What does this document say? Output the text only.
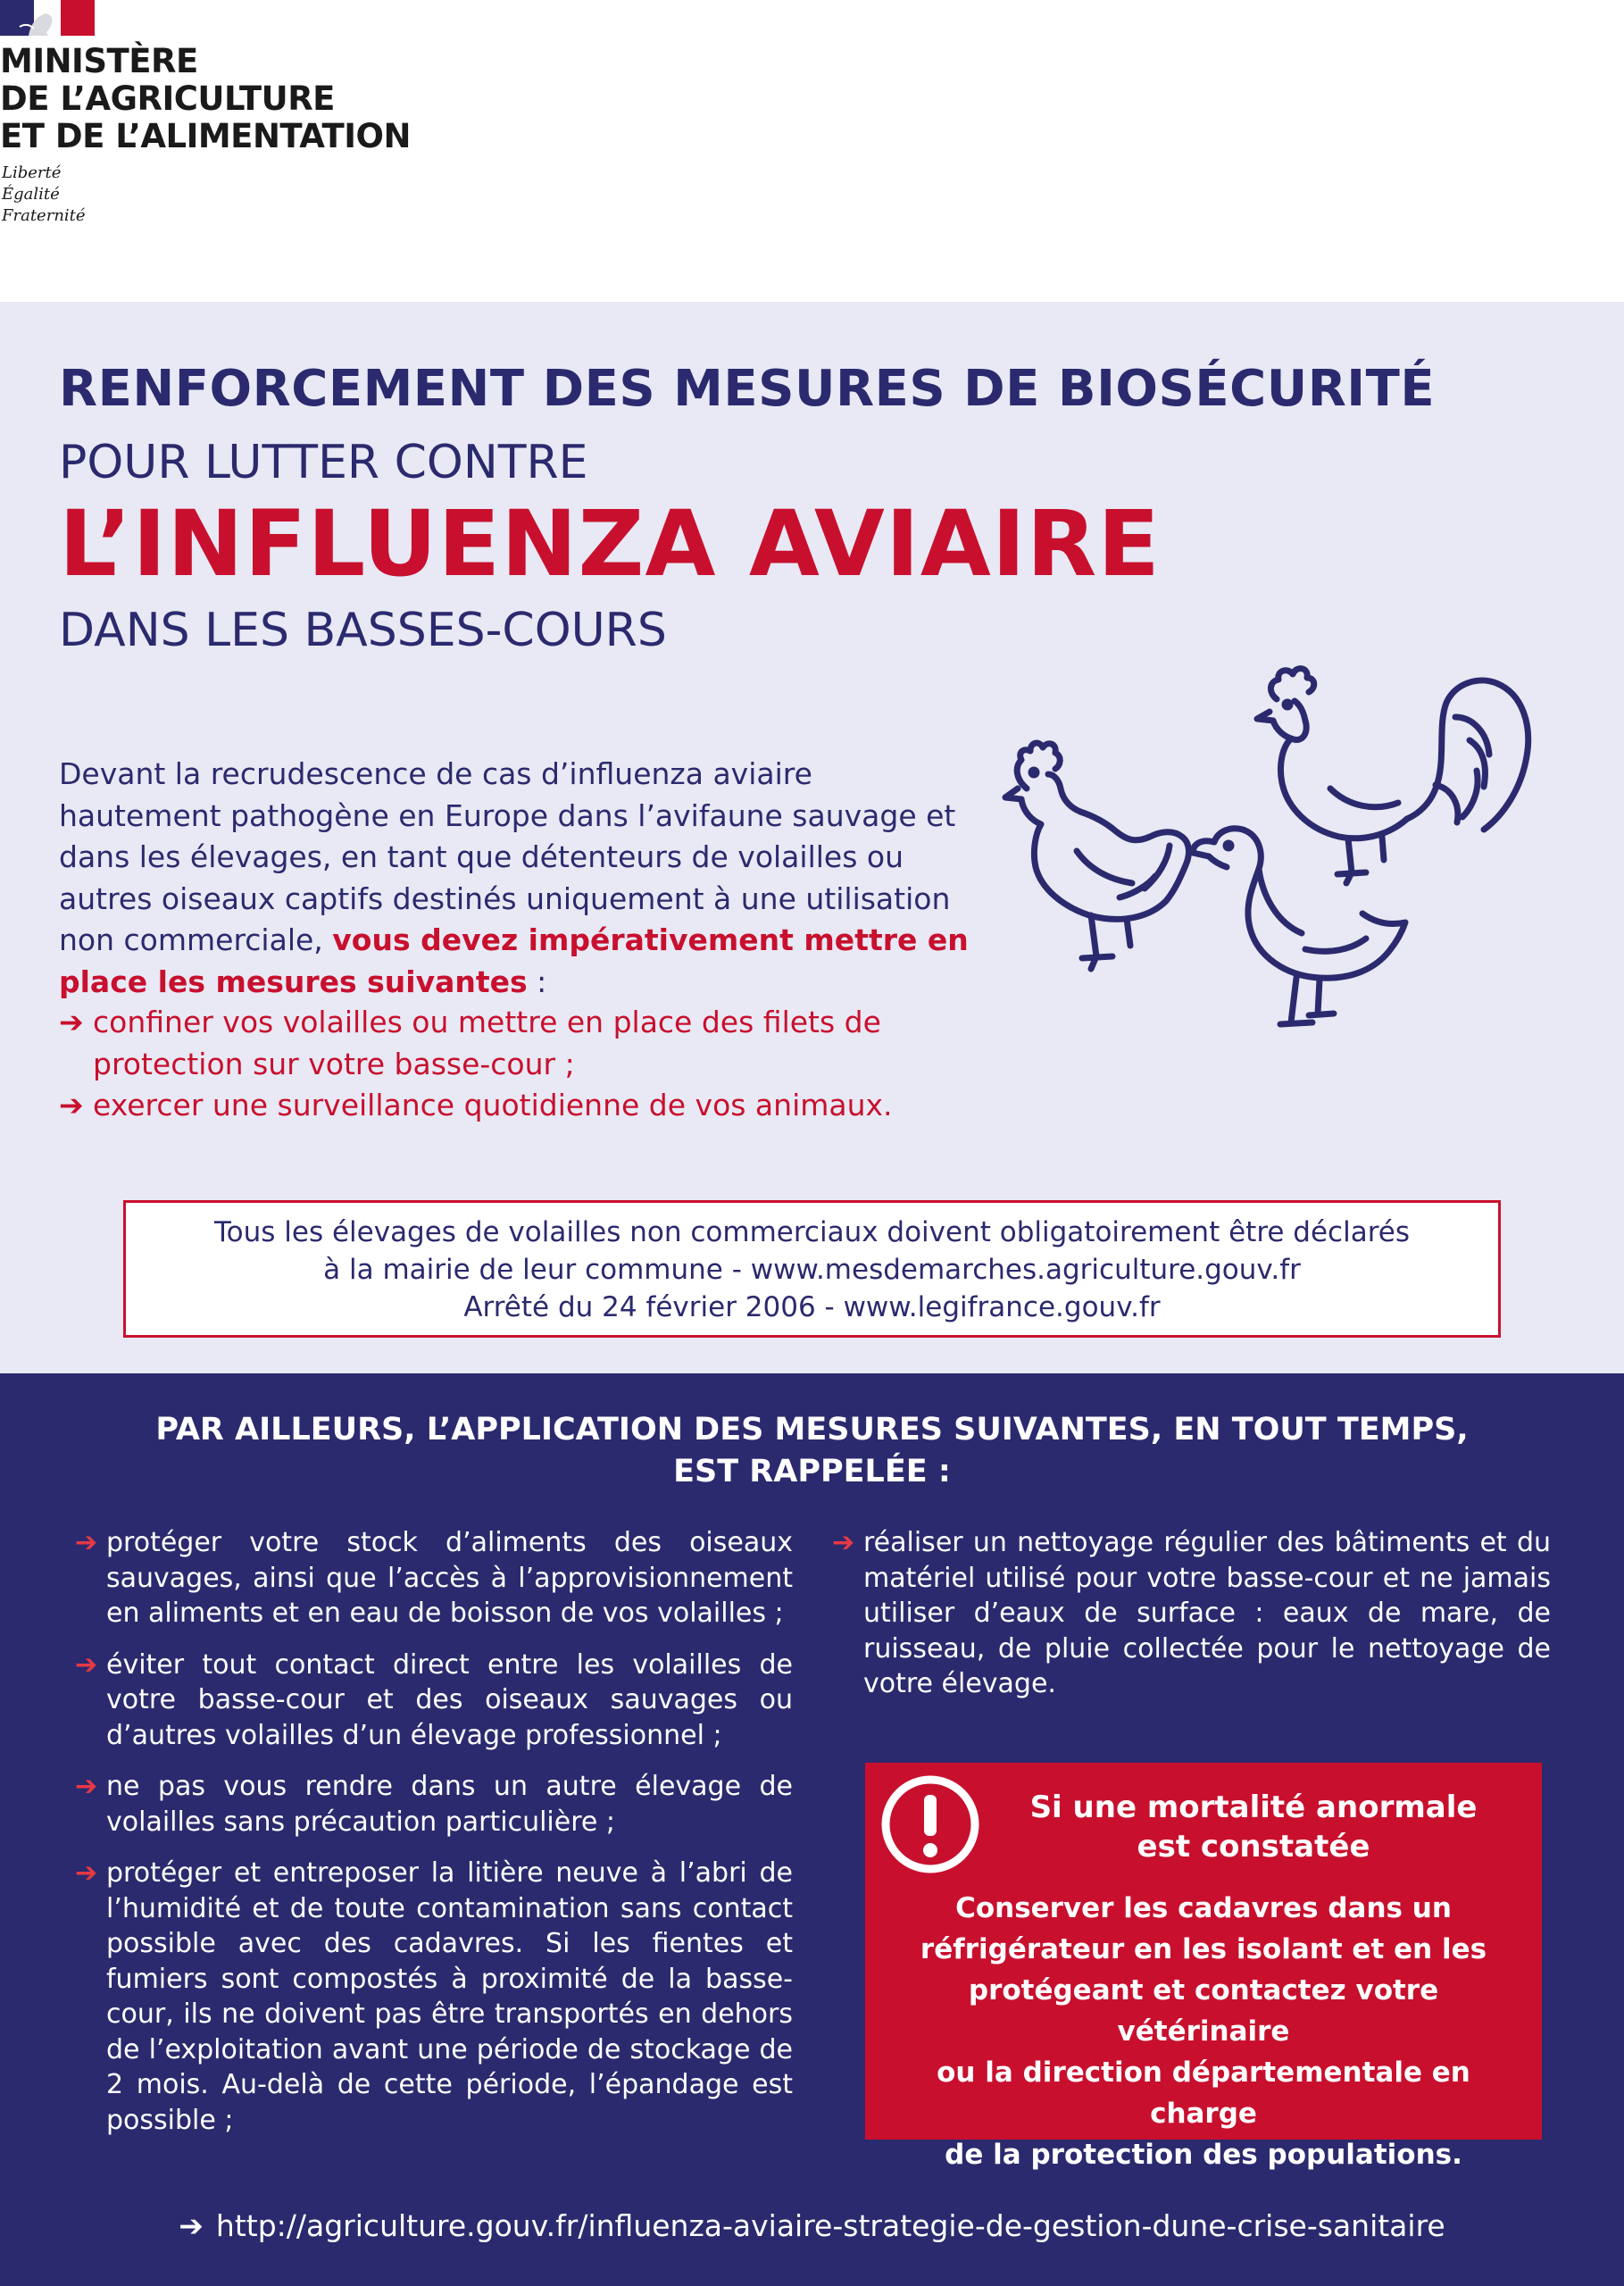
MINISTÈRE
DE L’AGRICULTURE
ET DE L’ALIMENTATION
Liberté
Égalité
Fraternité
RENFORCEMENT DES MESURES DE BIOSÉCURITÉ
POUR LUTTER CONTRE
L’INFLUENZA AVIAIRE
DANS LES BASSES-COURS
Devant la recrudescence de cas d’influenza aviaire hautement pathogène en Europe dans l’avifaune sauvage et dans les élevages, en tant que détenteurs de volailles ou autres oiseaux captifs destinés uniquement à une utilisation non commerciale, vous devez impérativement mettre en place les mesures suivantes :
➔ confiner vos volailles ou mettre en place des filets de protection sur votre basse-cour ;
➔ exercer une surveillance quotidienne de vos animaux.
Tous les élevages de volailles non commerciaux doivent obligatoirement être déclarés
à la mairie de leur commune - www.mesdemarches.agriculture.gouv.fr
Arrêté du 24 février 2006 - www.legifrance.gouv.fr
PAR AILLEURS, L’APPLICATION DES MESURES SUIVANTES, EN TOUT TEMPS,
EST RAPPELÉE :
➔ protéger votre stock d’aliments des oiseaux sauvages, ainsi que l’accès à l’approvisionnement en aliments et en eau de boisson de vos volailles ;
➔ éviter tout contact direct entre les volailles de votre basse-cour et des oiseaux sauvages ou d’autres volailles d’un élevage professionnel ;
➔ ne pas vous rendre dans un autre élevage de volailles sans précaution particulière ;
➔ protéger et entreposer la litière neuve à l’abri de l’humidité et de toute contamination sans contact possible avec des cadavres. Si les fientes et fumiers sont compostés à proximité de la basse-cour, ils ne doivent pas être transportés en dehors de l’exploitation avant une période de stockage de 2 mois. Au-delà de cette période, l’épandage est possible ;
➔ réaliser un nettoyage régulier des bâtiments et du matériel utilisé pour votre basse-cour et ne jamais utiliser d’eaux de surface : eaux de mare, de ruisseau, de pluie collectée pour le nettoyage de votre élevage.
Si une mortalité anormale
est constatée
Conserver les cadavres dans un
réfrigérateur en les isolant et en les
protégeant et contactez votre vétérinaire
ou la direction départementale en charge
de la protection des populations.
➔ http://agriculture.gouv.fr/influenza-aviaire-strategie-de-gestion-dune-crise-sanitaire
